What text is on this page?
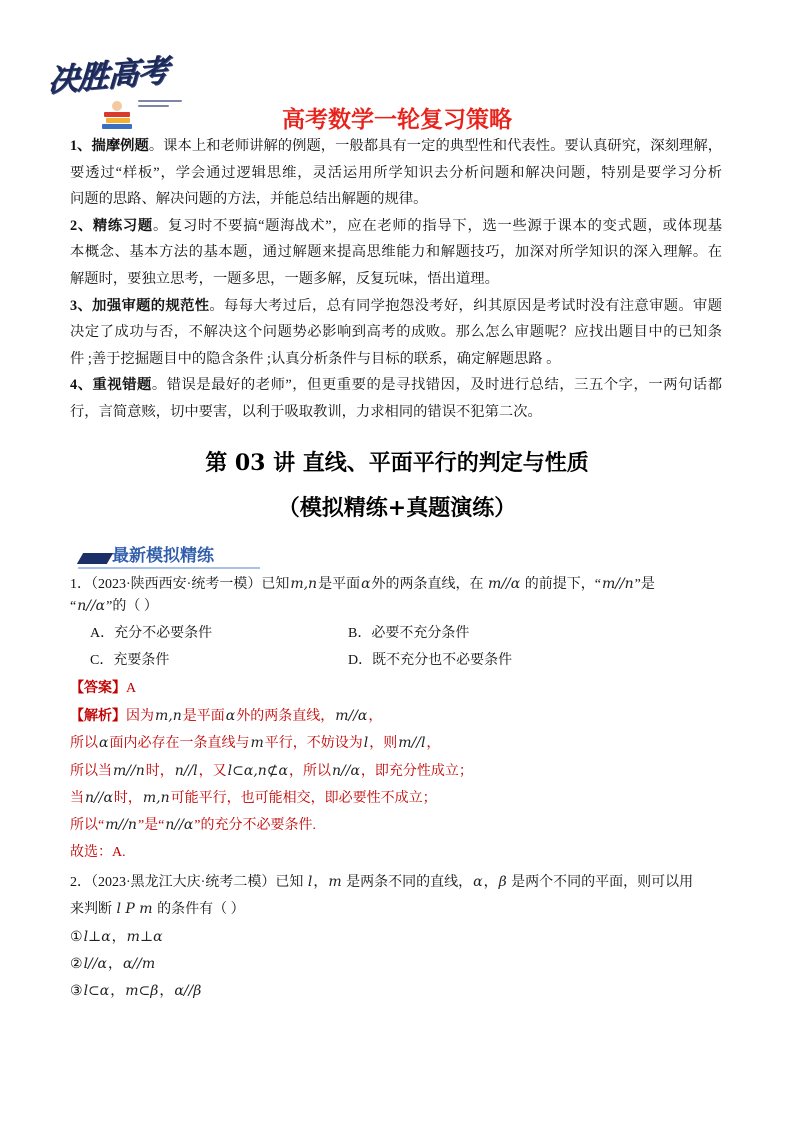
决胜高考
高考数学一轮复习策略
1、揣摩例题。课本上和老师讲解的例题，一般都具有一定的典型性和代表性。要认真研究，深刻理解，
要透过“样板”，学会通过逻辑思维，灵活运用所学知识去分析问题和解决问题，特别是要学习分析
问题的思路、解决问题的方法，并能总结出解题的规律。
2、精练习题。复习时不要搞“题海战术”，应在老师的指导下，选一些源于课本的变式题，或体现基
本概念、基本方法的基本题，通过解题来提高思维能力和解题技巧，加深对所学知识的深入理解。在
解题时，要独立思考，一题多思，一题多解，反复玩味，悟出道理。
3、加强审题的规范性。每每大考过后，总有同学抱怨没考好，纠其原因是考试时没有注意审题。审题
决定了成功与否，不解决这个问题势必影响到高考的成败。那么怎么审题呢？应找出题目中的已知条
件 ;善于挖掘题目中的隐含条件 ;认真分析条件与目标的联系，确定解题思路 。
4、重视错题。错误是最好的老师”，但更重要的是寻找错因，及时进行总结，三五个字，一两句话都
行，言简意赅，切中要害，以利于吸取教训，力求相同的错误不犯第二次。
第 03 讲 直线、平面平行的判定与性质
（模拟精练+真题演练）
最新模拟精练
1．（2023·陕西西安·统考一模）已知m,n是平面α外的两条直线，在 m//α 的前提下，“m//n”是
“n//α”的（ ）
A．充分不必要条件	B．必要不充分条件
C．充要条件	D．既不充分也不必要条件
【答案】A
【解析】因为m,n是平面α外的两条直线，m//α，
所以α面内必存在一条直线与m平行，不妨设为l，则m//l，
所以当m//n时，n//l，又l⊂α,n⊄α，所以n//α，即充分性成立；
当n//α时，m,n可能平行，也可能相交，即必要性不成立；
所以“m//n”是“n//α”的充分不必要条件.
故选：A.
2．（2023·黑龙江大庆·统考二模）已知 l，m 是两条不同的直线，α，β 是两个不同的平面，则可以用
来判断 l P m 的条件有（ ）
①l⊥α，m⊥α
②l//α，α//m
③l⊂α，m⊂β，α//β
